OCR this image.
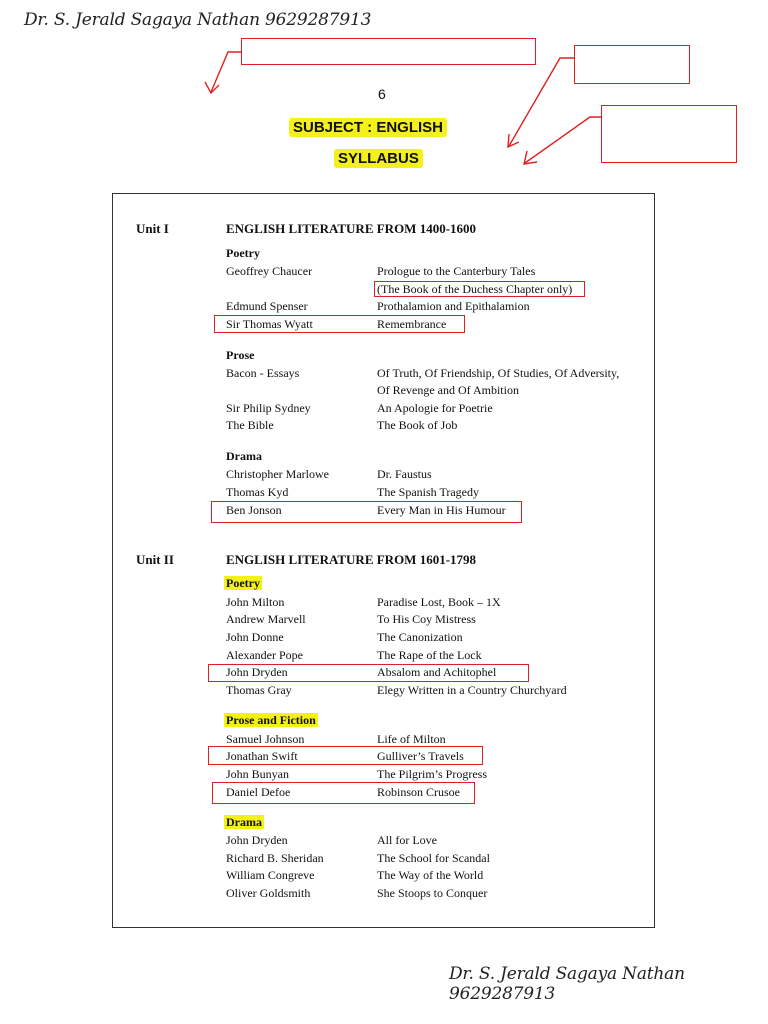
Dr. S. Jerald Sagaya Nathan 9629287913
6
SUBJECT : ENGLISH
SYLLABUS
Unit I	ENGLISH LITERATURE FROM 1400-1600
Poetry
Geoffrey Chaucer	Prologue to the Canterbury Tales
(The Book of the Duchess Chapter only)
Edmund Spenser	Prothalamion and Epithalamion
Sir Thomas Wyatt	Remembrance
Prose
Bacon - Essays	Of Truth, Of Friendship, Of Studies, Of Adversity,
Of Revenge and Of Ambition
Sir Philip Sydney	An Apologie for Poetrie
The Bible	The Book of Job
Drama
Christopher Marlowe	Dr. Faustus
Thomas Kyd	The Spanish Tragedy
Ben Jonson	Every Man in His Humour
Unit II	ENGLISH LITERATURE FROM 1601-1798
Poetry
John Milton	Paradise Lost, Book – 1X
Andrew Marvell	To His Coy Mistress
John Donne	The Canonization
Alexander Pope	The Rape of the Lock
John Dryden	Absalom and Achitophel
Thomas Gray	Elegy Written in a Country Churchyard
Prose and Fiction
Samuel Johnson	Life of Milton
Jonathan Swift	Gulliver’s Travels
John Bunyan	The Pilgrim’s Progress
Daniel Defoe	Robinson Crusoe
Drama
John Dryden	All for Love
Richard B. Sheridan	The School for Scandal
William Congreve	The Way of the World
Oliver Goldsmith	She Stoops to Conquer
Dr. S. Jerald Sagaya Nathan 9629287913
